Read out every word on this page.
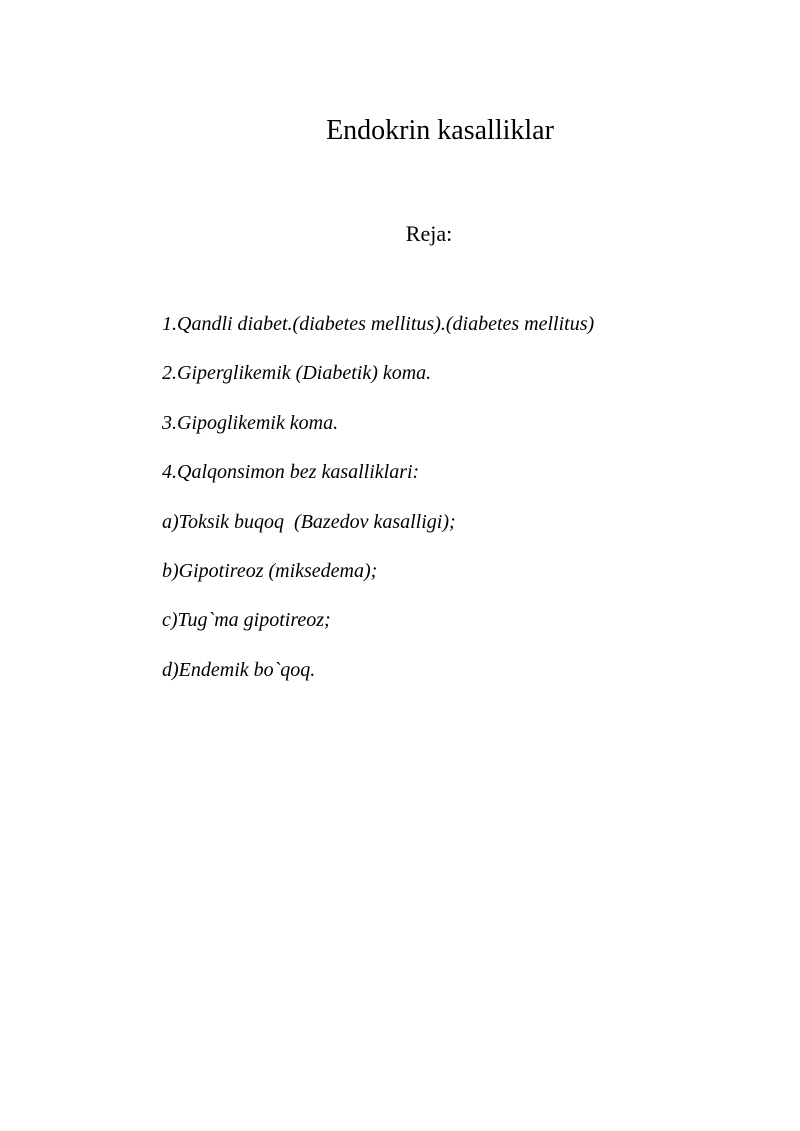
Endokrin kasalliklar
Reja:
1.Qandli diabet.(diabetes mellitus).(diabetes mellitus)
2.Giperglikemik (Diabetik) koma.
3.Gipoglikemik koma.
4.Qalqonsimon bez kasalliklari:
a)Toksik buqoq  (Bazedov kasalligi);
b)Gipotireoz (miksedema);
c)Tug`ma gipotireoz;
d)Endemik bo`qoq.
